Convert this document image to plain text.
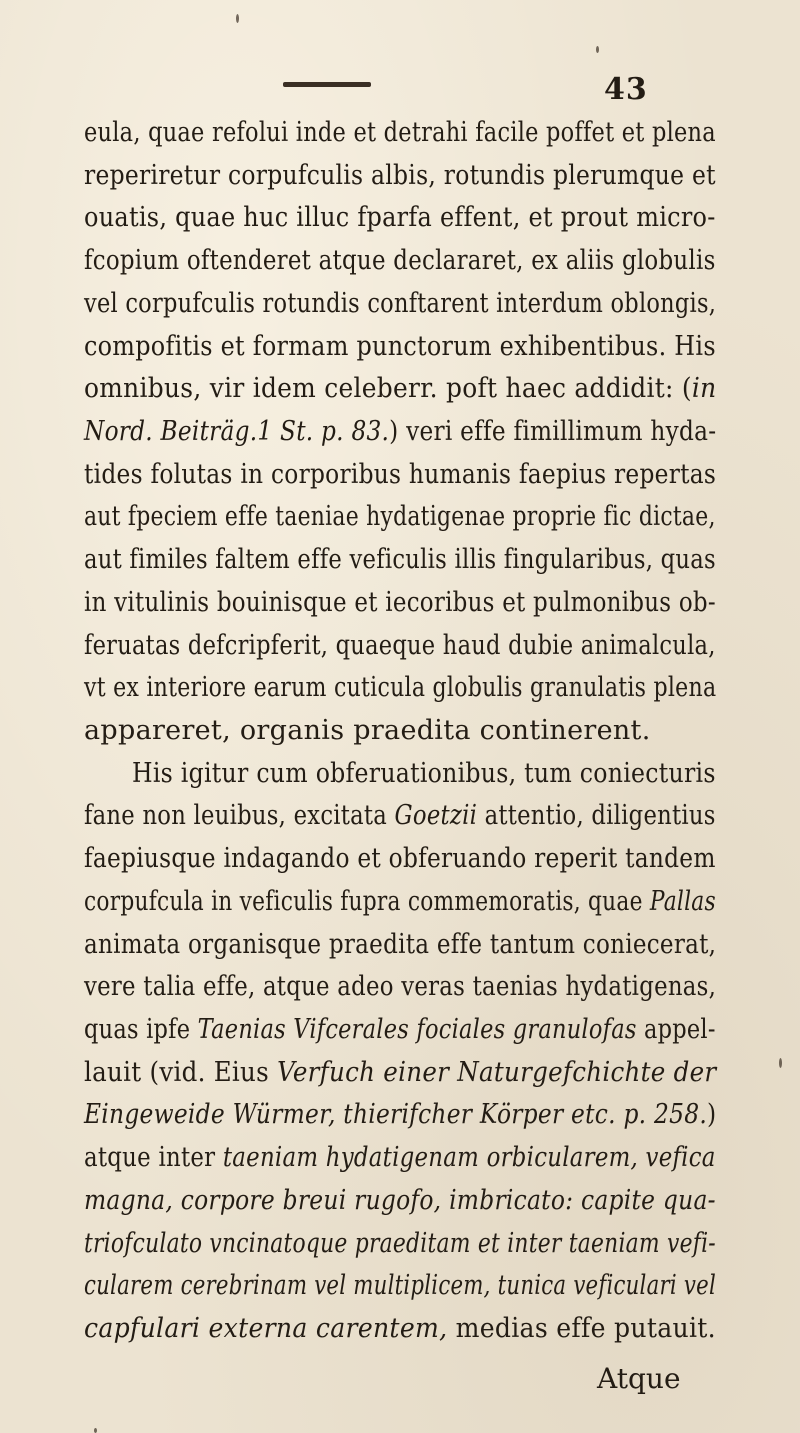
43
eula, quae refolui inde et detrahi facile poffet et plena
reperiretur corpufculis albis, rotundis plerumque et
ouatis, quae huc illuc fparfa effent, et prout micro-
fcopium oftenderet atque declararet, ex aliis globulis
vel corpufculis rotundis conftarent interdum oblongis,
compofitis et formam punctorum exhibentibus. His
omnibus, vir idem celeberr. poft haec addidit: (in
Nord. Beiträg.1 St. p. 83.) veri effe fimillimum hyda-
tides folutas in corporibus humanis faepius repertas
aut fpeciem effe taeniae hydatigenae proprie fic dictae,
aut fimiles faltem effe veficulis illis fingularibus, quas
in vitulinis bouinisque et iecoribus et pulmonibus ob-
feruatas defcripferit, quaeque haud dubie animalcula,
vt ex interiore earum cuticula globulis granulatis plena
appareret, organis praedita continerent.
His igitur cum obferuationibus, tum coniecturis
fane non leuibus, excitata Goetzii attentio, diligentius
faepiusque indagando et obferuando reperit tandem
corpufcula in veficulis fupra commemoratis, quae Pallas
animata organisque praedita effe tantum coniecerat,
vere talia effe, atque adeo veras taenias hydatigenas,
quas ipfe Taenias Vifcerales fociales granulofas appel-
lauit (vid. Eius Verfuch einer Naturgefchichte der
Eingeweide Würmer, thierifcher Körper etc. p. 258.)
atque inter taeniam hydatigenam orbicularem, vefica
magna, corpore breui rugofo, imbricato: capite qua-
triofculato vncinatoque praeditam et inter taeniam vefi-
cularem cerebrinam vel multiplicem, tunica veficulari vel
capfulari externa carentem, medias effe putauit.
Atque
